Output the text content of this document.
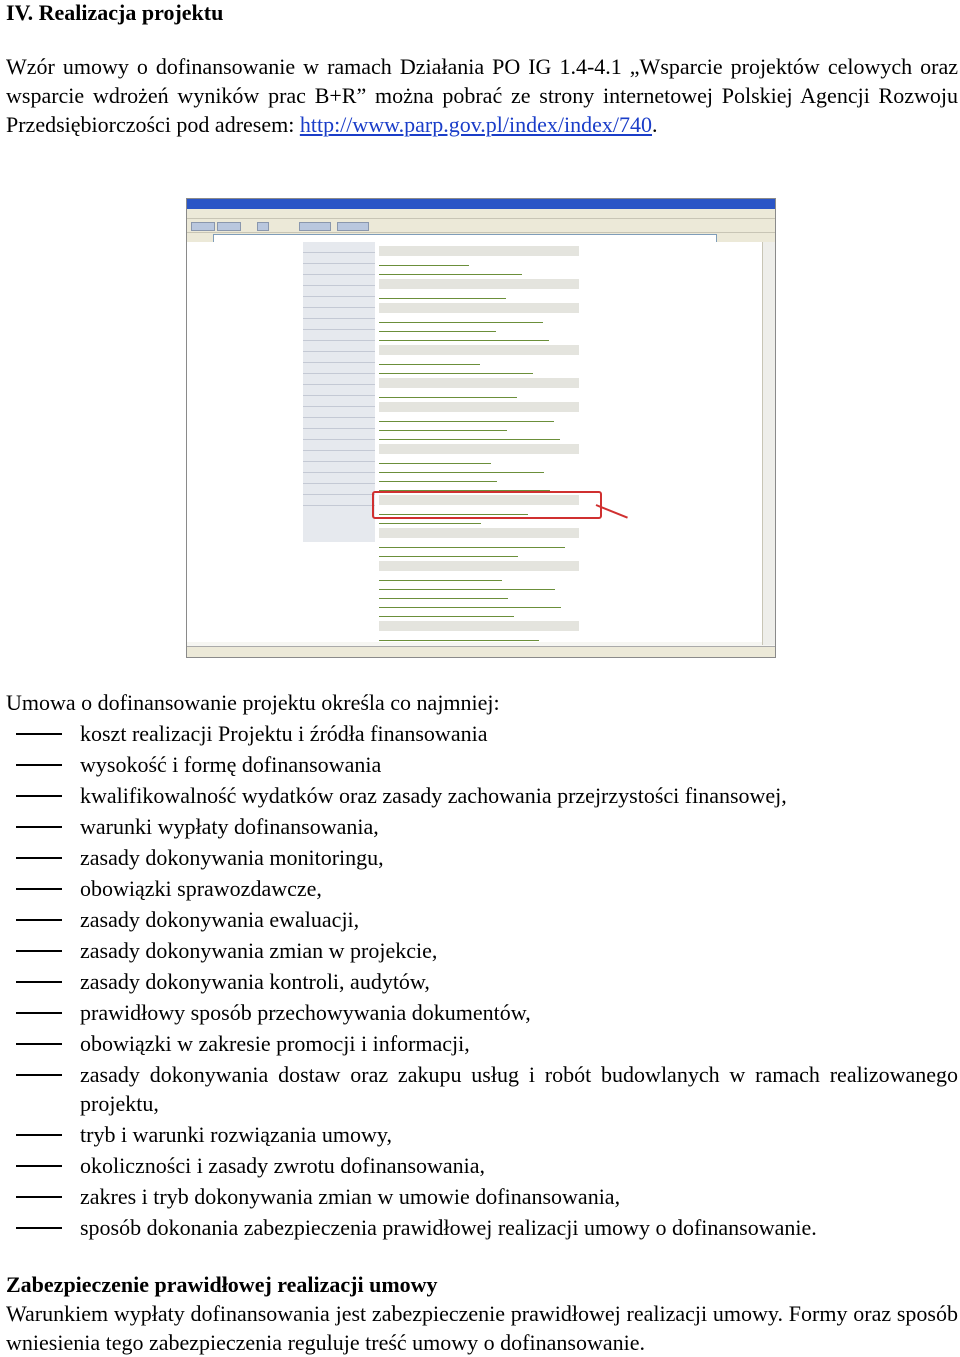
IV. Realizacja projektu
Wzór umowy o dofinansowanie w ramach Działania PO IG 1.4-4.1 „Wsparcie projektów celowych oraz wsparcie wdrożeń wyników prac B+R” można pobrać ze strony internetowej Polskiej Agencji Rozwoju Przedsiębiorczości pod adresem: http://www.parp.gov.pl/index/index/740.
Umowa o dofinansowanie projektu określa co najmniej:
koszt realizacji Projektu i źródła finansowania
wysokość i formę dofinansowania
kwalifikowalność wydatków oraz zasady zachowania przejrzystości finansowej,
warunki wypłaty dofinansowania,
zasady dokonywania monitoringu,
obowiązki sprawozdawcze,
zasady dokonywania ewaluacji,
zasady dokonywania zmian w projekcie,
zasady dokonywania kontroli, audytów,
prawidłowy sposób przechowywania dokumentów,
obowiązki w zakresie promocji i informacji,
zasady dokonywania dostaw oraz zakupu usług i robót budowlanych w ramach realizowanego projektu,
tryb i warunki rozwiązania umowy,
okoliczności i zasady zwrotu dofinansowania,
zakres i tryb dokonywania zmian w umowie dofinansowania,
sposób dokonania zabezpieczenia prawidłowej realizacji umowy o dofinansowanie.
Zabezpieczenie prawidłowej realizacji umowy
Warunkiem wypłaty dofinansowania jest zabezpieczenie prawidłowej realizacji umowy. Formy oraz sposób wniesienia tego zabezpieczenia reguluje treść umowy o dofinansowanie.
